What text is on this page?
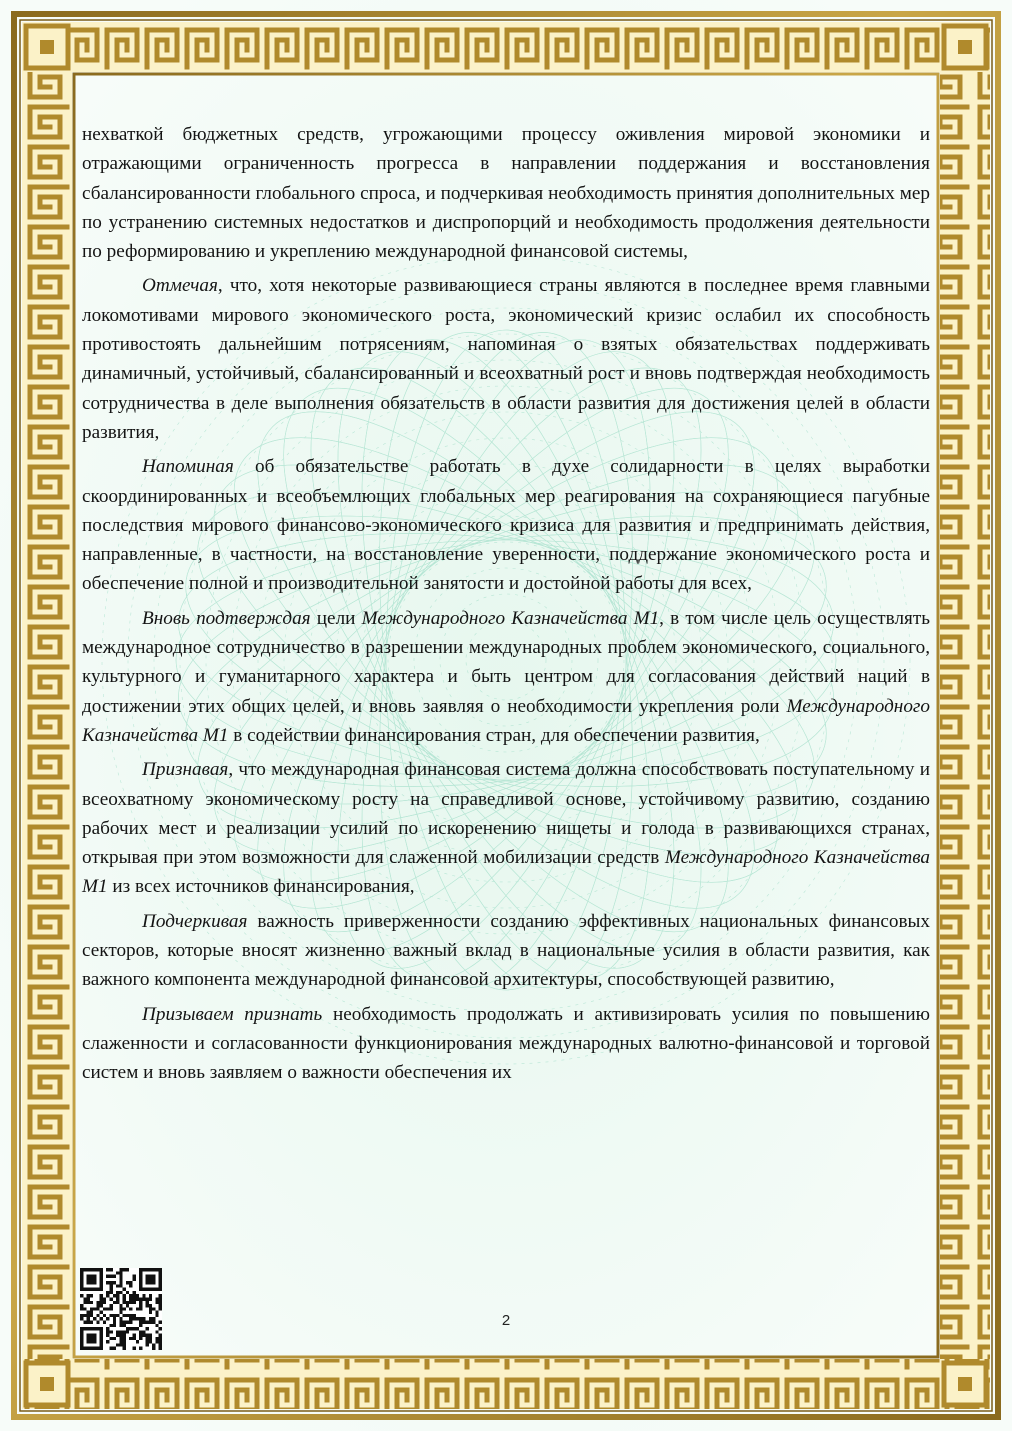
нехваткой бюджетных средств, угрожающими процессу оживления мировой экономики и отражающими ограниченность прогресса в направлении поддержания и восстановления сбалансированности глобального спроса, и подчеркивая необходимость принятия дополнительных мер по устранению системных недостатков и диспропорций и необходимость продолжения деятельности по реформированию и укреплению международной финансовой системы,

Отмечая, что, хотя некоторые развивающиеся страны являются в последнее время главными локомотивами мирового экономического роста, экономический кризис ослабил их способность противостоять дальнейшим потрясениям, напоминая о взятых обязательствах поддерживать динамичный, устойчивый, сбалансированный и всеохватный рост и вновь подтверждая необходимость сотрудничества в деле выполнения обязательств в области развития для достижения целей в области развития,

Напоминая об обязательстве работать в духе солидарности в целях выработки скоординированных и всеобъемлющих глобальных мер реагирования на сохраняющиеся пагубные последствия мирового финансово-экономического кризиса для развития и предпринимать действия, направленные, в частности, на восстановление уверенности, поддержание экономического роста и обеспечение полной и производительной занятости и достойной работы для всех,

Вновь подтверждая цели Международного Казначейства М1, в том числе цель осуществлять международное сотрудничество в разрешении международных проблем экономического, социального, культурного и гуманитарного характера и быть центром для согласования действий наций в достижении этих общих целей, и вновь заявляя о необходимости укрепления роли Международного Казначейства М1 в содействии финансирования стран, для обеспечении развития,

Признавая, что международная финансовая система должна способствовать поступательному и всеохватному экономическому росту на справедливой основе, устойчивому развитию, созданию рабочих мест и реализации усилий по искоренению нищеты и голода в развивающихся странах, открывая при этом возможности для слаженной мобилизации средств Международного Казначейства М1 из всех источников финансирования,

Подчеркивая важность приверженности созданию эффективных национальных финансовых секторов, которые вносят жизненно важный вклад в национальные усилия в области развития, как важного компонента международной финансовой архитектуры, способствующей развитию,

Призываем признать необходимость продолжать и активизировать усилия по повышению слаженности и согласованности функционирования международных валютно-финансовой и торговой систем и вновь заявляем о важности обеспечения их

2
